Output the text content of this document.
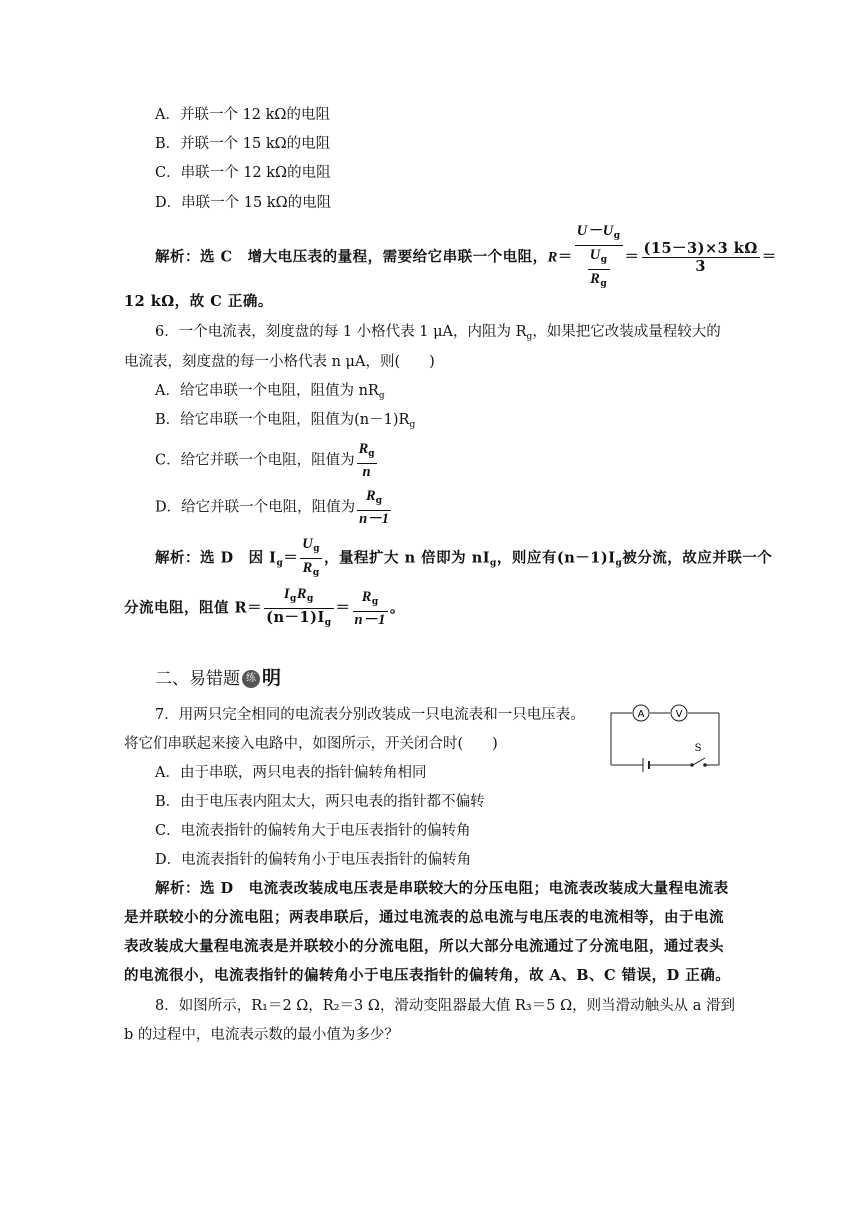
A．并联一个 12 kΩ的电阻
B．并联一个 15 kΩ的电阻
C．串联一个 12 kΩ的电阻
D．串联一个 15 kΩ的电阻
解析：选 C　增大电压表的量程，需要给它串联一个电阻，$R= \frac{U-U_g}{\frac{U_g}{R_g}} = \frac{(15-3)\times 3 k\Omega}{3}$ ＝
12 kΩ，故 C 正确。
6．一个电流表，刻度盘的每 1 小格代表 1 μA，内阻为 $R_g$，如果把它改装成量程较大的
电流表，刻度盘的每一小格代表 n μA，则(　　)
A．给它串联一个电阻，阻值为 $nR_g$
B．给它串联一个电阻，阻值为$(n-1)R_g$
C．给它并联一个电阻，阻值为 $\frac{R_g}{n}$
D．给它并联一个电阻，阻值为 $\frac{R_g}{n-1}$
解析：选 D　因 $I_g= \frac{U_g}{R_g}$ ，量程扩大 n 倍即为 $nI_g$，则应有$(n-1)I_g$被分流，故应并联一个
分流电阻，阻值 $R= \frac{I_gR_g}{(n-1)I_g} = \frac{R_g}{n-1}$ 。
二、易错题 练 明
7．用两只完全相同的电流表分别改装成一只电流表和一只电压表。
将它们串联起来接入电路中，如图所示，开关闭合时(　　)
A	V
S
A．由于串联，两只电表的指针偏转角相同
B．由于电压表内阻太大，两只电表的指针都不偏转
C．电流表指针的偏转角大于电压表指针的偏转角
D．电流表指针的偏转角小于电压表指针的偏转角
解析：选 D　电流表改装成电压表是串联较大的分压电阻；电流表改装成大量程电流表
是并联较小的分流电阻；两表串联后，通过电流表的总电流与电压表的电流相等，由于电流
表改装成大量程电流表是并联较小的分流电阻，所以大部分电流通过了分流电阻，通过表头
的电流很小，电流表指针的偏转角小于电压表指针的偏转角，故 A、B、C 错误，D 正确。
8．如图所示，R₁＝2 Ω，R₂＝3 Ω，滑动变阻器最大值 R₃＝5 Ω，则当滑动触头从 a 滑到
b 的过程中，电流表示数的最小值为多少？
